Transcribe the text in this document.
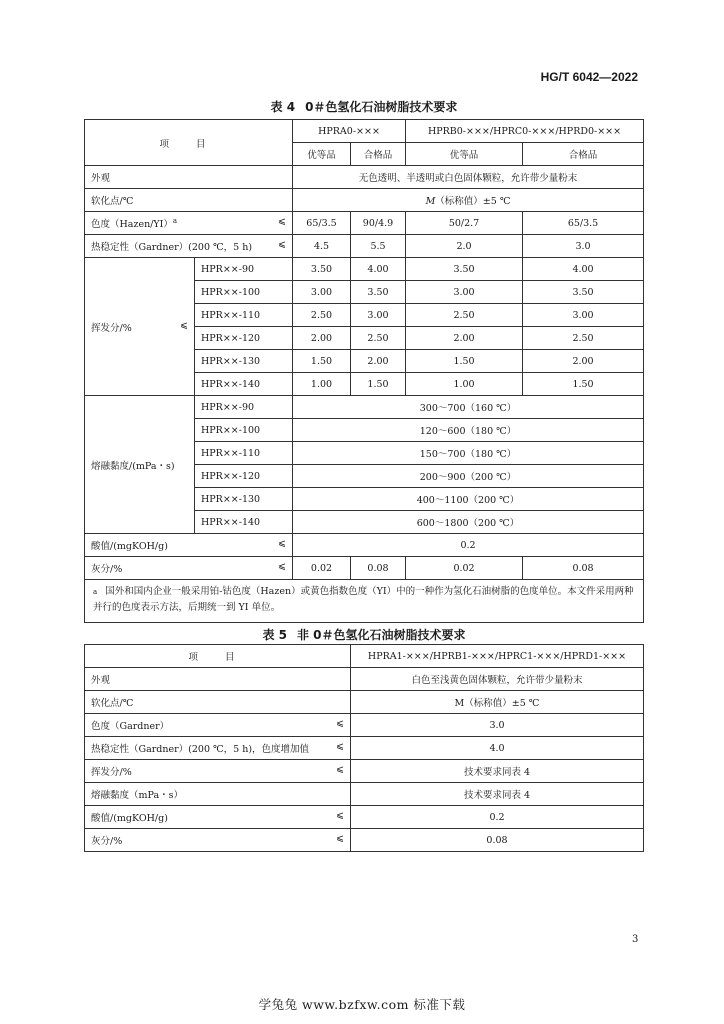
HG/T 6042—2022
表 4 0＃色氢化石油树脂技术要求
项 目		HPRA0-×××		HPRB0-×××/HPRC0-×××/HPRD0-×××	
		优等品	合格品	优等品	合格品
外观		无色透明、半透明或白色固体颗粒，允许带少量粉末			
软化点/℃		M（标称值）±5 ℃			
色度（Hazen/YI）$^a$ ⩽		65/3.5	90/4.9	50/2.7	65/3.5
热稳定性（Gardner）(200 ℃，5 h) ⩽		4.5	5.5	2.0	3.0
挥发分/% ⩽	HPR××-90	3.50	4.00	3.50	4.00
	HPR××-100	3.00	3.50	3.00	3.50
	HPR××-110	2.50	3.00	2.50	3.00
	HPR××-120	2.00	2.50	2.00	2.50
	HPR××-130	1.50	2.00	1.50	2.00
	HPR××-140	1.00	1.50	1.00	1.50
熔融黏度/(mPa・s)	HPR××-90	300～700（160 ℃）			
	HPR××-100	120～600（180 ℃）			
	HPR××-110	150～700（180 ℃）			
	HPR××-120	200～900（200 ℃）			
	HPR××-130	400～1100（200 ℃）			
	HPR××-140	600～1800（200 ℃）			
酸值/(mgKOH/g) ⩽		0.2			
灰分/% ⩽		0.02	0.08	0.02	0.08
$^a$ 国外和国内企业一般采用铂-钴色度（Hazen）或黄色指数色度（YI）中的一种作为氢化石油树脂的色度单位。本文件采用两种并行的色度表示方法，后期统一到 YI 单位。					
表 5 非 0＃色氢化石油树脂技术要求
项 目	HPRA1-×××/HPRB1-×××/HPRC1-×××/HPRD1-×××
外观	白色至浅黄色固体颗粒，允许带少量粉末
软化点/℃	M（标称值）±5 ℃
色度（Gardner） ⩽	3.0
热稳定性（Gardner）(200 ℃，5 h)，色度增加值 ⩽	4.0
挥发分/% ⩽	技术要求同表 4
熔融黏度（mPa・s）	技术要求同表 4
酸值/(mgKOH/g) ⩽	0.2
灰分/% ⩽	0.08
3
学兔兔 www.bzfxw.com 标准下载
